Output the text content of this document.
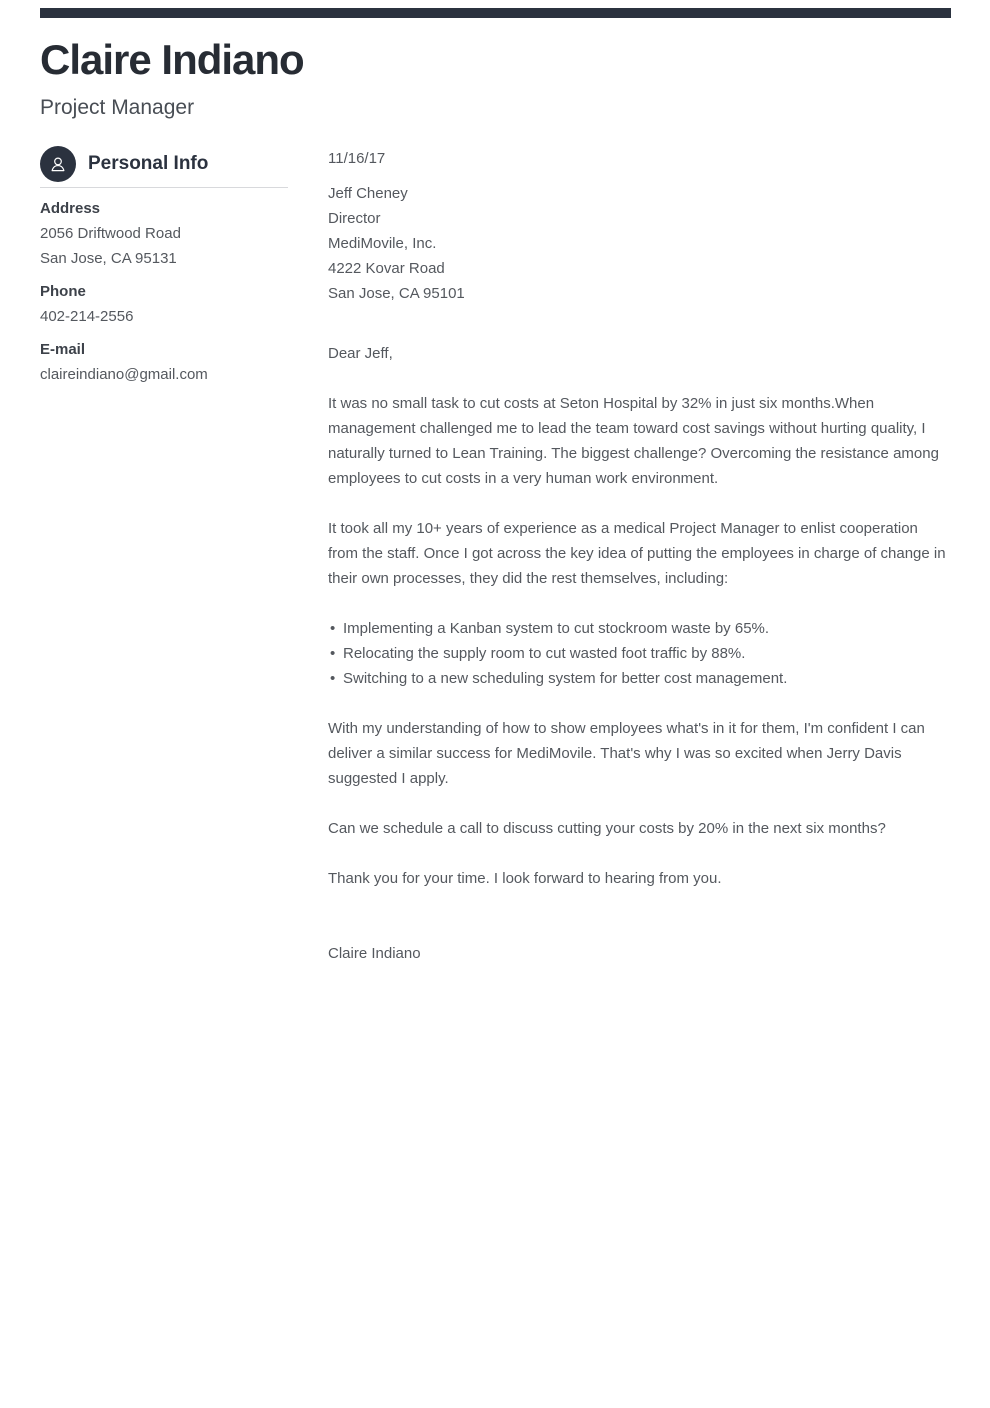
Claire Indiano
Project Manager
Personal Info
Address
2056 Driftwood Road
San Jose, CA 95131
Phone
402-214-2556
E-mail
claireindiano@gmail.com
11/16/17
Jeff Cheney
Director
MediMovile, Inc.
4222 Kovar Road
San Jose, CA 95101
Dear Jeff,

It was no small task to cut costs at Seton Hospital by 32% in just six months.When management challenged me to lead the team toward cost savings without hurting quality, I naturally turned to Lean Training. The biggest challenge? Overcoming the resistance among employees to cut costs in a very human work environment.

It took all my 10+ years of experience as a medical Project Manager to enlist cooperation from the staff. Once I got across the key idea of putting the employees in charge of change in their own processes, they did the rest themselves, including:

• Implementing a Kanban system to cut stockroom waste by 65%.
• Relocating the supply room to cut wasted foot traffic by 88%.
• Switching to a new scheduling system for better cost management.

With my understanding of how to show employees what's in it for them, I'm confident I can deliver a similar success for MediMovile. That's why I was so excited when Jerry Davis suggested I apply.

Can we schedule a call to discuss cutting your costs by 20% in the next six months?

Thank you for your time. I look forward to hearing from you.

Claire Indiano
